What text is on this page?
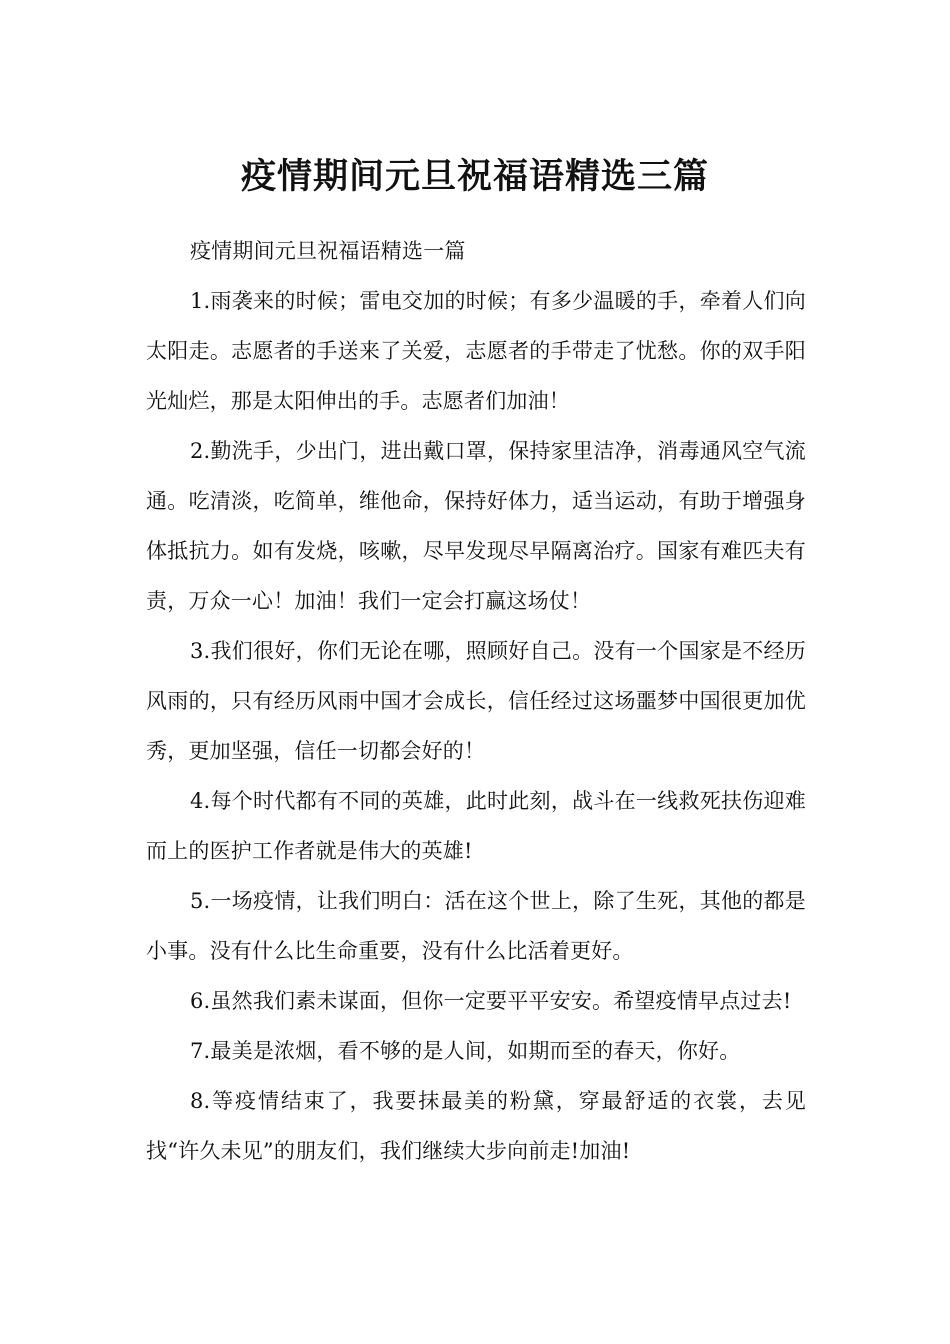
疫情期间元旦祝福语精选三篇

疫情期间元旦祝福语精选一篇

1.雨袭来的时候；雷电交加的时候；有多少温暖的手，牵着人们向太阳走。志愿者的手送来了关爱，志愿者的手带走了忧愁。你的双手阳光灿烂，那是太阳伸出的手。志愿者们加油！

2.勤洗手，少出门，进出戴口罩，保持家里洁净，消毒通风空气流通。吃清淡，吃简单，维他命，保持好体力，适当运动，有助于增强身体抵抗力。如有发烧，咳嗽，尽早发现尽早隔离治疗。国家有难匹夫有责，万众一心！加油！我们一定会打赢这场仗！

3.我们很好，你们无论在哪，照顾好自己。没有一个国家是不经历风雨的，只有经历风雨中国才会成长，信任经过这场噩梦中国很更加优秀，更加坚强，信任一切都会好的！

4.每个时代都有不同的英雄，此时此刻，战斗在一线救死扶伤迎难而上的医护工作者就是伟大的英雄!

5.一场疫情，让我们明白：活在这个世上，除了生死，其他的都是小事。没有什么比生命重要，没有什么比活着更好。

6.虽然我们素未谋面，但你一定要平平安安。希望疫情早点过去!

7.最美是浓烟，看不够的是人间，如期而至的春天，你好。

8.等疫情结束了，我要抹最美的粉黛，穿最舒适的衣裳，去见找“许久未见”的朋友们，我们继续大步向前走!加油!
